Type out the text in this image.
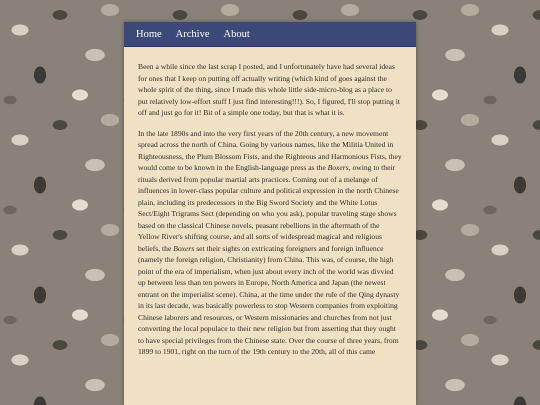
Home Archive About

Been a while since the last scrap I posted, and I unfortunately have had several ideas for ones that I keep on putting off actually writing (which kind of goes against the whole spirit of the thing, since I made this whole little side-micro-blog as a place to put relatively low-effort stuff I just find interesting!!!). So, I figured, I'll stop putting it off and just go for it! Bit of a simple one today, but that is what it is.

In the late 1890s and into the very first years of the 20th century, a new movement spread across the north of China. Going by various names, like the Militia United in Righteousness, the Plum Blossom Fists, and the Righteous and Harmonious Fists, they would come to be known in the English-language press as the Boxers, owing to their rituals derived from popular martial arts practices. Coming out of a melange of influences in lower-class popular culture and political expression in the north Chinese plain, including its predecessors in the Big Sword Society and the White Lotus Sect/Eight Trigrams Sect (depending on who you ask), popular traveling stage shows based on the classical Chinese novels, peasant rebellions in the aftermath of the Yellow River's shifting course, and all sorts of widespread magical and religious beliefs, the Boxers set their sights on extricating foreigners and foreign influence (namely the foreign religion, Christianity) from China. This was, of course, the high point of the era of imperialism, when just about every inch of the world was divvied up between less than ten powers in Europe, North America and Japan (the newest entrant on the imperialist scene). China, at the time under the rule of the Qing dynasty in its last decade, was basically powerless to stop Western companies from exploiting Chinese laborers and resources, or Western missionaries and churches from not just converting the local populace to their new religion but from asserting that they ought to have special privileges from the Chinese state. Over the course of three years, from 1899 to 1901, right on the turn of the 19th century to the 20th, all of this came
